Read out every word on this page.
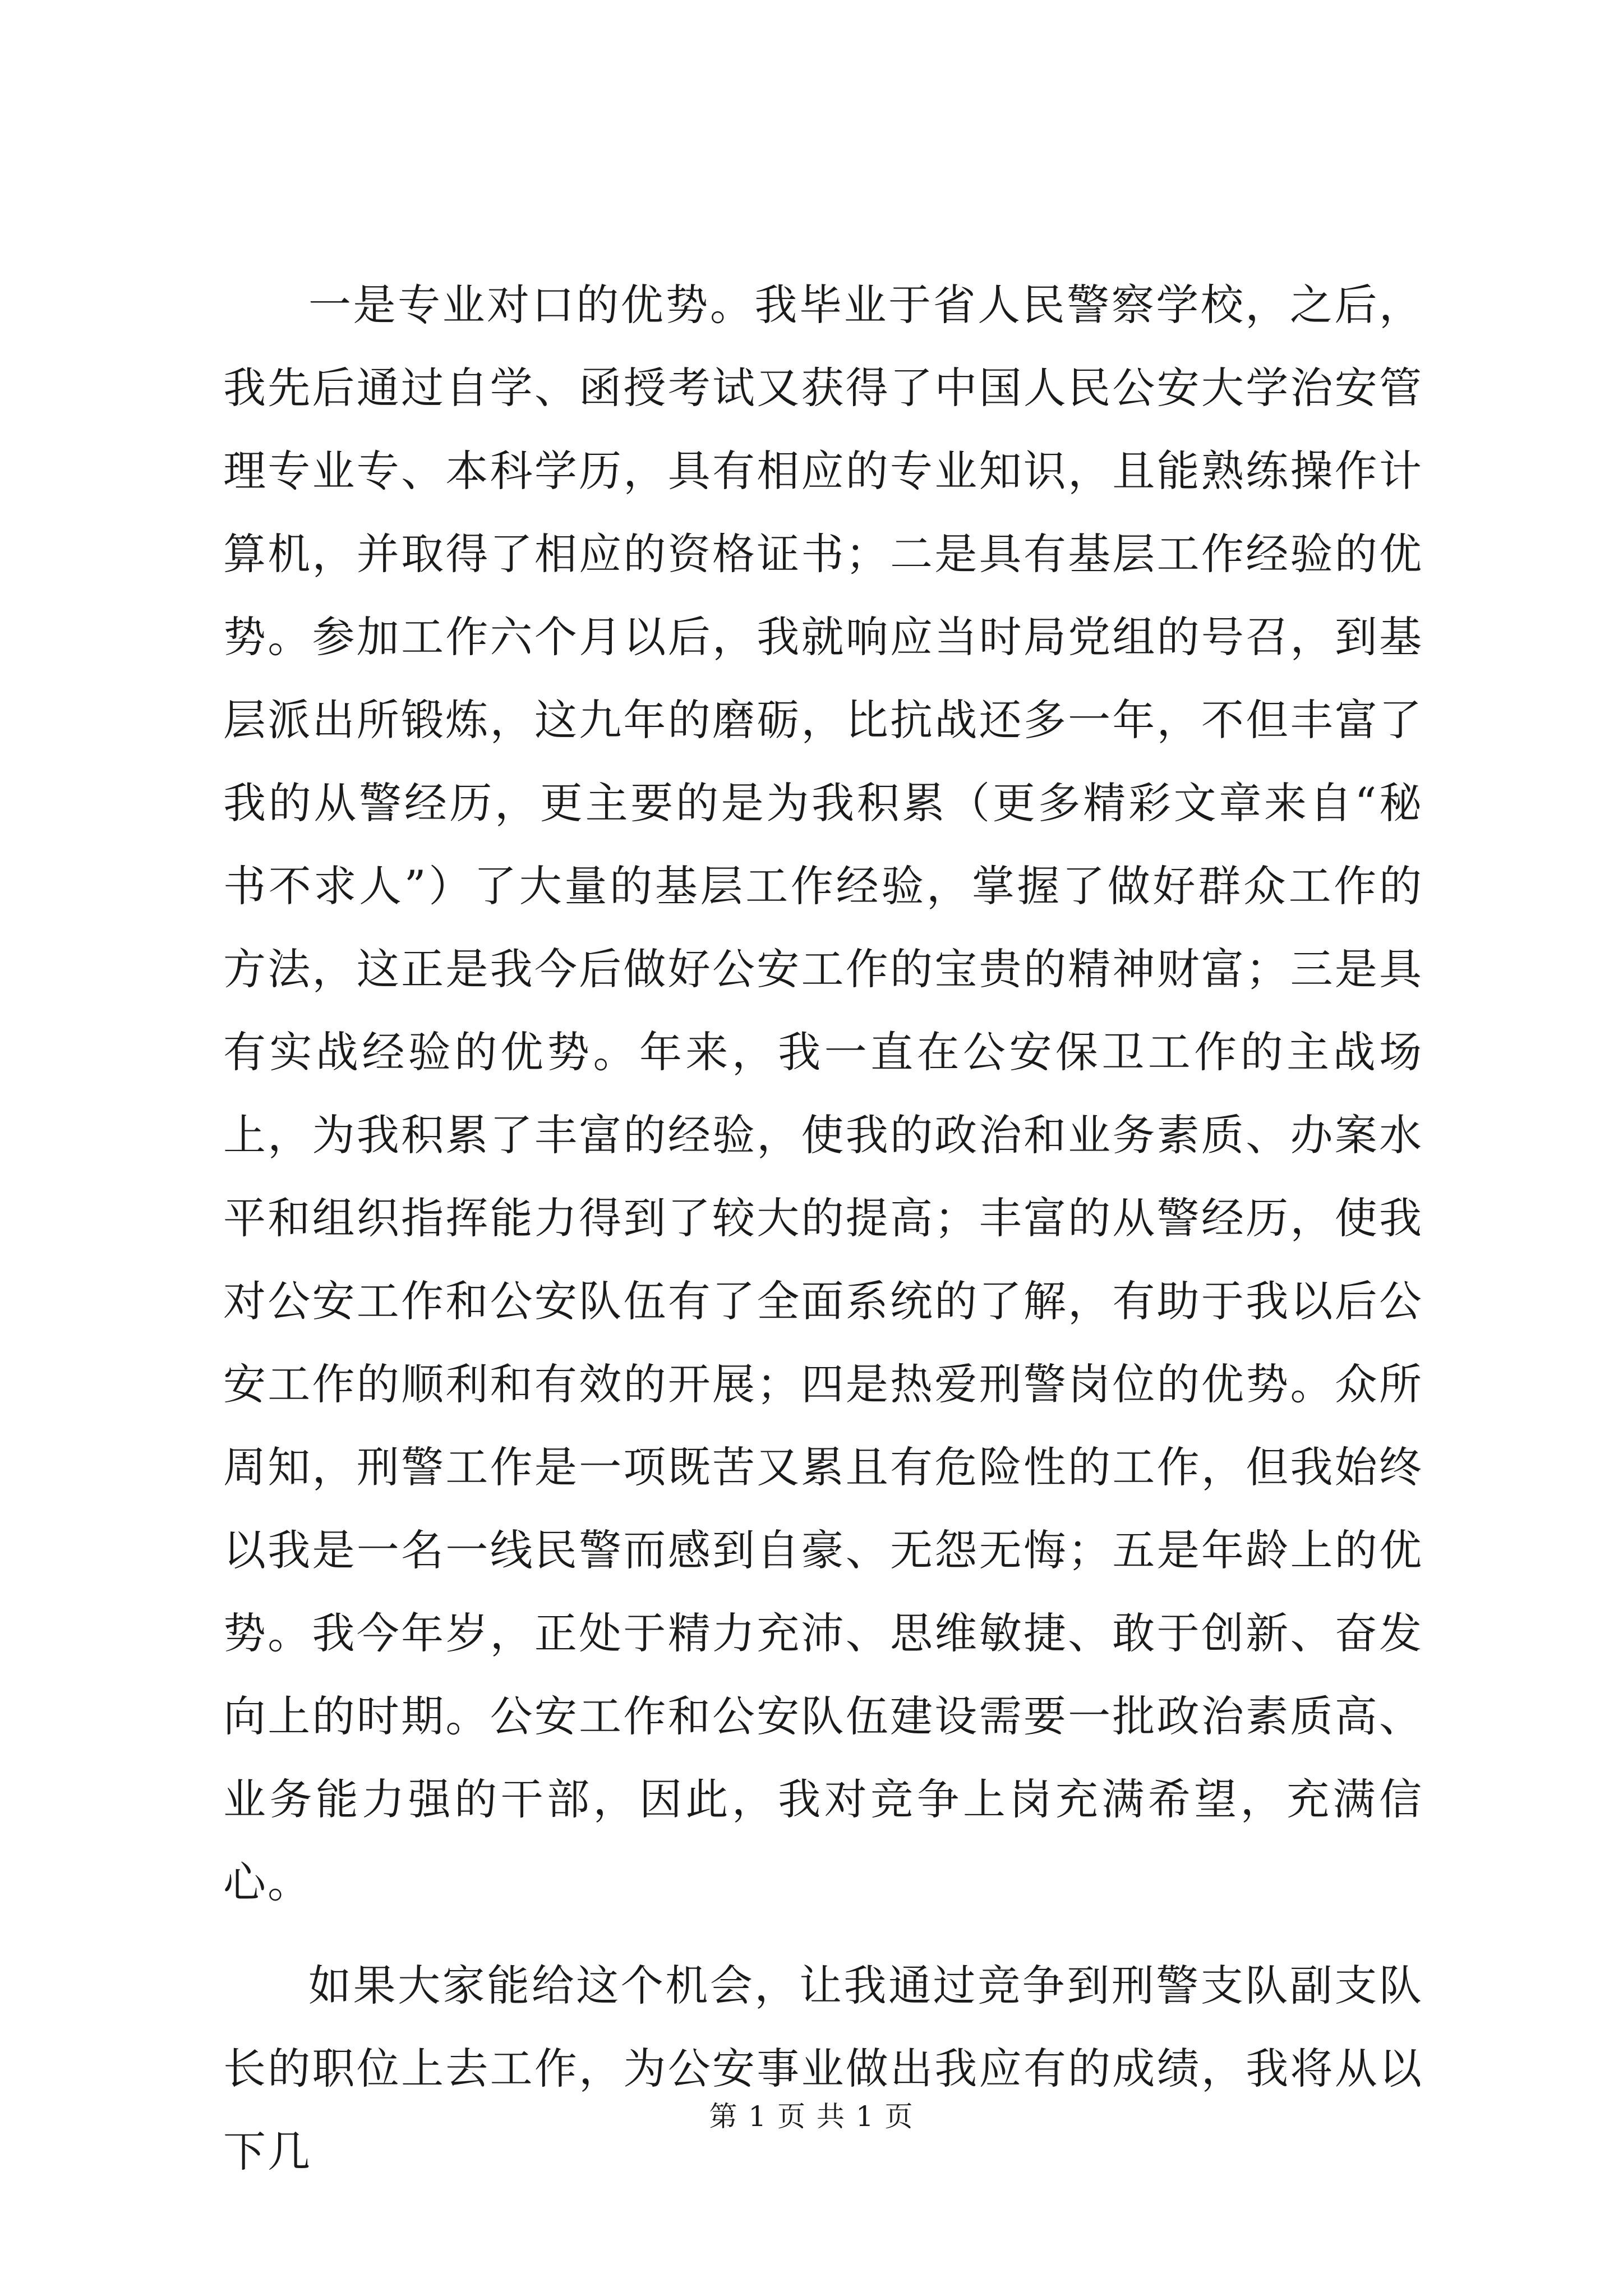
一是专业对口的优势。我毕业于省人民警察学校，之后，我先后通过自学、函授考试又获得了中国人民公安大学治安管理专业专、本科学历，具有相应的专业知识，且能熟练操作计算机，并取得了相应的资格证书；二是具有基层工作经验的优势。参加工作六个月以后，我就响应当时局党组的号召，到基层派出所锻炼，这九年的磨砺，比抗战还多一年，不但丰富了我的从警经历，更主要的是为我积累（更多精彩文章来自“秘书不求人”）了大量的基层工作经验，掌握了做好群众工作的方法，这正是我今后做好公安工作的宝贵的精神财富；三是具有实战经验的优势。年来，我一直在公安保卫工作的主战场上，为我积累了丰富的经验，使我的政治和业务素质、办案水平和组织指挥能力得到了较大的提高；丰富的从警经历，使我对公安工作和公安队伍有了全面系统的了解，有助于我以后公安工作的顺利和有效的开展；四是热爱刑警岗位的优势。众所周知，刑警工作是一项既苦又累且有危险性的工作，但我始终以我是一名一线民警而感到自豪、无怨无悔；五是年龄上的优势。我今年岁，正处于精力充沛、思维敏捷、敢于创新、奋发向上的时期。公安工作和公安队伍建设需要一批政治素质高、业务能力强的干部，因此，我对竞争上岗充满希望，充满信心。

如果大家能给这个机会，让我通过竞争到刑警支队副支队长的职位上去工作，为公安事业做出我应有的成绩，我将从以下几

第 1 页 共 1 页
